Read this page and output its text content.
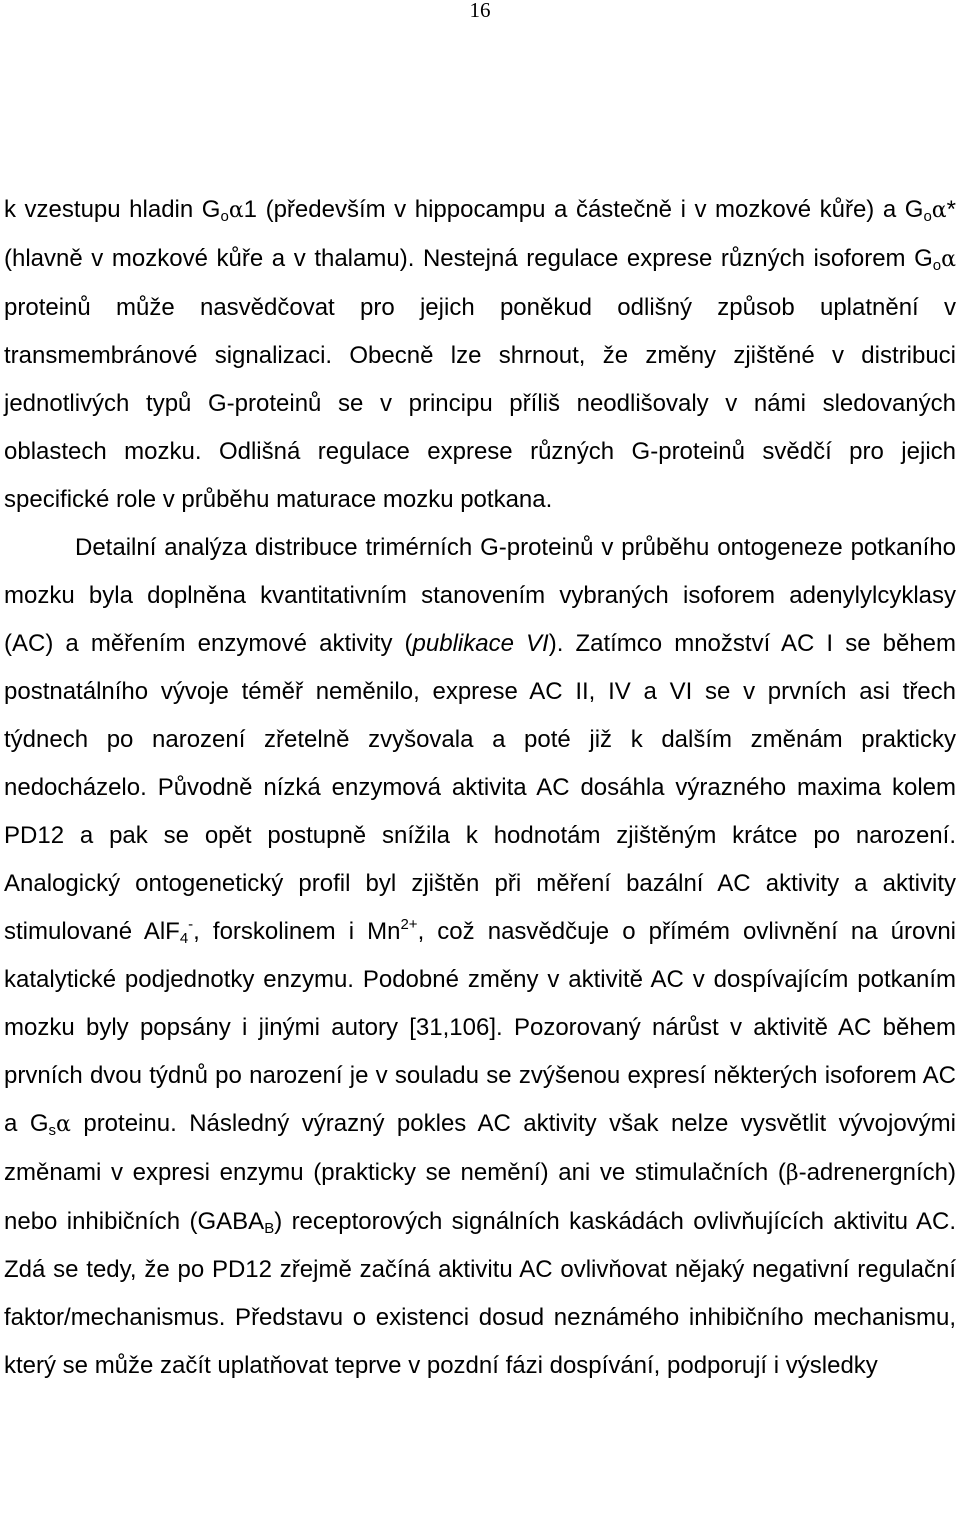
16

k vzestupu hladin $G_o\alpha 1$ (především v hippocampu a částečně i v mozkové kůře) a $G_o\alpha*$ (hlavně v mozkové kůře a v thalamu). Nestejná regulace exprese různých isoforem $G_o\alpha$ proteinů může nasvědčovat pro jejich poněkud odlišný způsob uplatnění v transmembránové signalizaci. Obecně lze shrnout, že změny zjištěné v distribuci jednotlivých typů G-proteinů se v principu příliš neodlišovaly v námi sledovaných oblastech mozku. Odlišná regulace exprese různých G-proteinů svědčí pro jejich specifické role v průběhu maturace mozku potkana.

Detailní analýza distribuce trimérních G-proteinů v průběhu ontogeneze potkaního mozku byla doplněna kvantitativním stanovením vybraných isoforem adenylylcyklasy (AC) a měřením enzymové aktivity (publikace VI). Zatímco množství AC I se během postnatálního vývoje téměř neměnilo, exprese AC II, IV a VI se v prvních asi třech týdnech po narození zřetelně zvyšovala a poté již k dalším změnám prakticky nedocházelo. Původně nízká enzymová aktivita AC dosáhla výrazného maxima kolem PD12 a pak se opět postupně snížila k hodnotám zjištěným krátce po narození. Analogický ontogenetický profil byl zjištěn při měření bazální AC aktivity a aktivity stimulované AlF$_4$-, forskolinem i $Mn^{2+}$, což nasvědčuje o přímém ovlivnění na úrovni katalytické podjednotky enzymu. Podobné změny v aktivitě AC v dospívajícím potkaním mozku byly popsány i jinými autory [31,106]. Pozorovaný nárůst v aktivitě AC během prvních dvou týdnů po narození je v souladu se zvýšenou expresí některých isoforem AC a $G_s\alpha$ proteinu. Následný výrazný pokles AC aktivity však nelze vysvětlit vývojovými změnami v expresi enzymu (prakticky se nemění) ani ve stimulačních (β-adrenergních) nebo inhibičních $(GABA_B)$ receptorových signálních kaskádách ovlivňujících aktivitu AC. Zdá se tedy, že po PD12 zřejmě začíná aktivitu AC ovlivňovat nějaký negativní regulační faktor/mechanismus. Představu o existenci dosud neznámého inhibičního mechanismu, který se může začít uplatňovat teprve v pozdní fázi dospívání, podporují i výsledky
